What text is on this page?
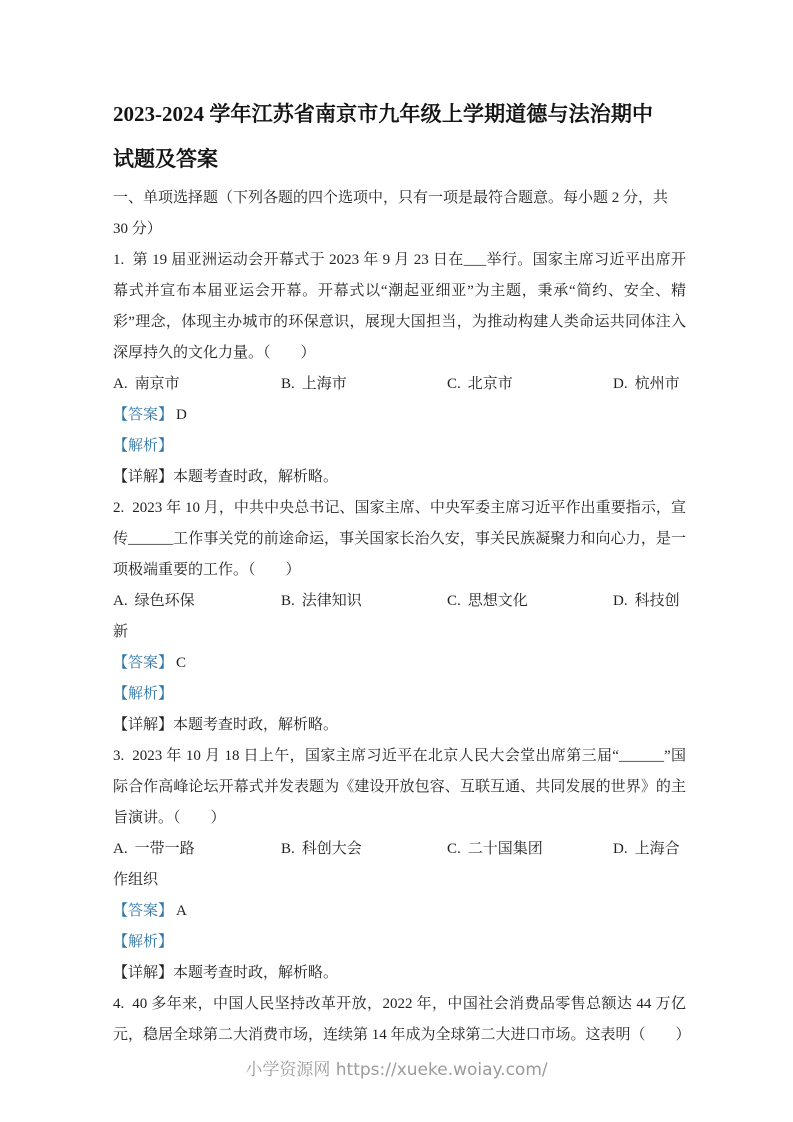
2023-2024 学年江苏省南京市九年级上学期道德与法治期中试题及答案

一、单项选择题（下列各题的四个选项中，只有一项是最符合题意。每小题 2 分，共 30 分）

1. 第 19 届亚洲运动会开幕式于 2023 年 9 月 23 日在___举行。国家主席习近平出席开幕式并宣布本届亚运会开幕。开幕式以“潮起亚细亚”为主题，秉承“简约、安全、精彩”理念，体现主办城市的环保意识，展现大国担当，为推动构建人类命运共同体注入深厚持久的文化力量。（　　）

A. 南京市	B. 上海市	C. 北京市	D. 杭州市

【答案】 D

【解析】

【详解】本题考查时政，解析略。

2. 2023 年 10 月，中共中央总书记、国家主席、中央军委主席习近平作出重要指示，宣传______工作事关党的前途命运，事关国家长治久安，事关民族凝聚力和向心力，是一项极端重要的工作。（　　）

A. 绿色环保	B. 法律知识	C. 思想文化	D. 科技创新

【答案】 C

【解析】

【详解】本题考查时政，解析略。

3. 2023 年 10 月 18 日上午，国家主席习近平在北京人民大会堂出席第三届“______”国际合作高峰论坛开幕式并发表题为《建设开放包容、互联互通、共同发展的世界》的主旨演讲。（　　）

A. 一带一路	B. 科创大会	C. 二十国集团	D. 上海合作组织

【答案】 A

【解析】

【详解】本题考查时政，解析略。

4. 40 多年来，中国人民坚持改革开放，2022 年，中国社会消费品零售总额达 44 万亿元，稳居全球第二大消费市场，连续第 14 年成为全球第二大进口市场。这表明（　　）

小学资源网 https://xueke.woiay.com/
